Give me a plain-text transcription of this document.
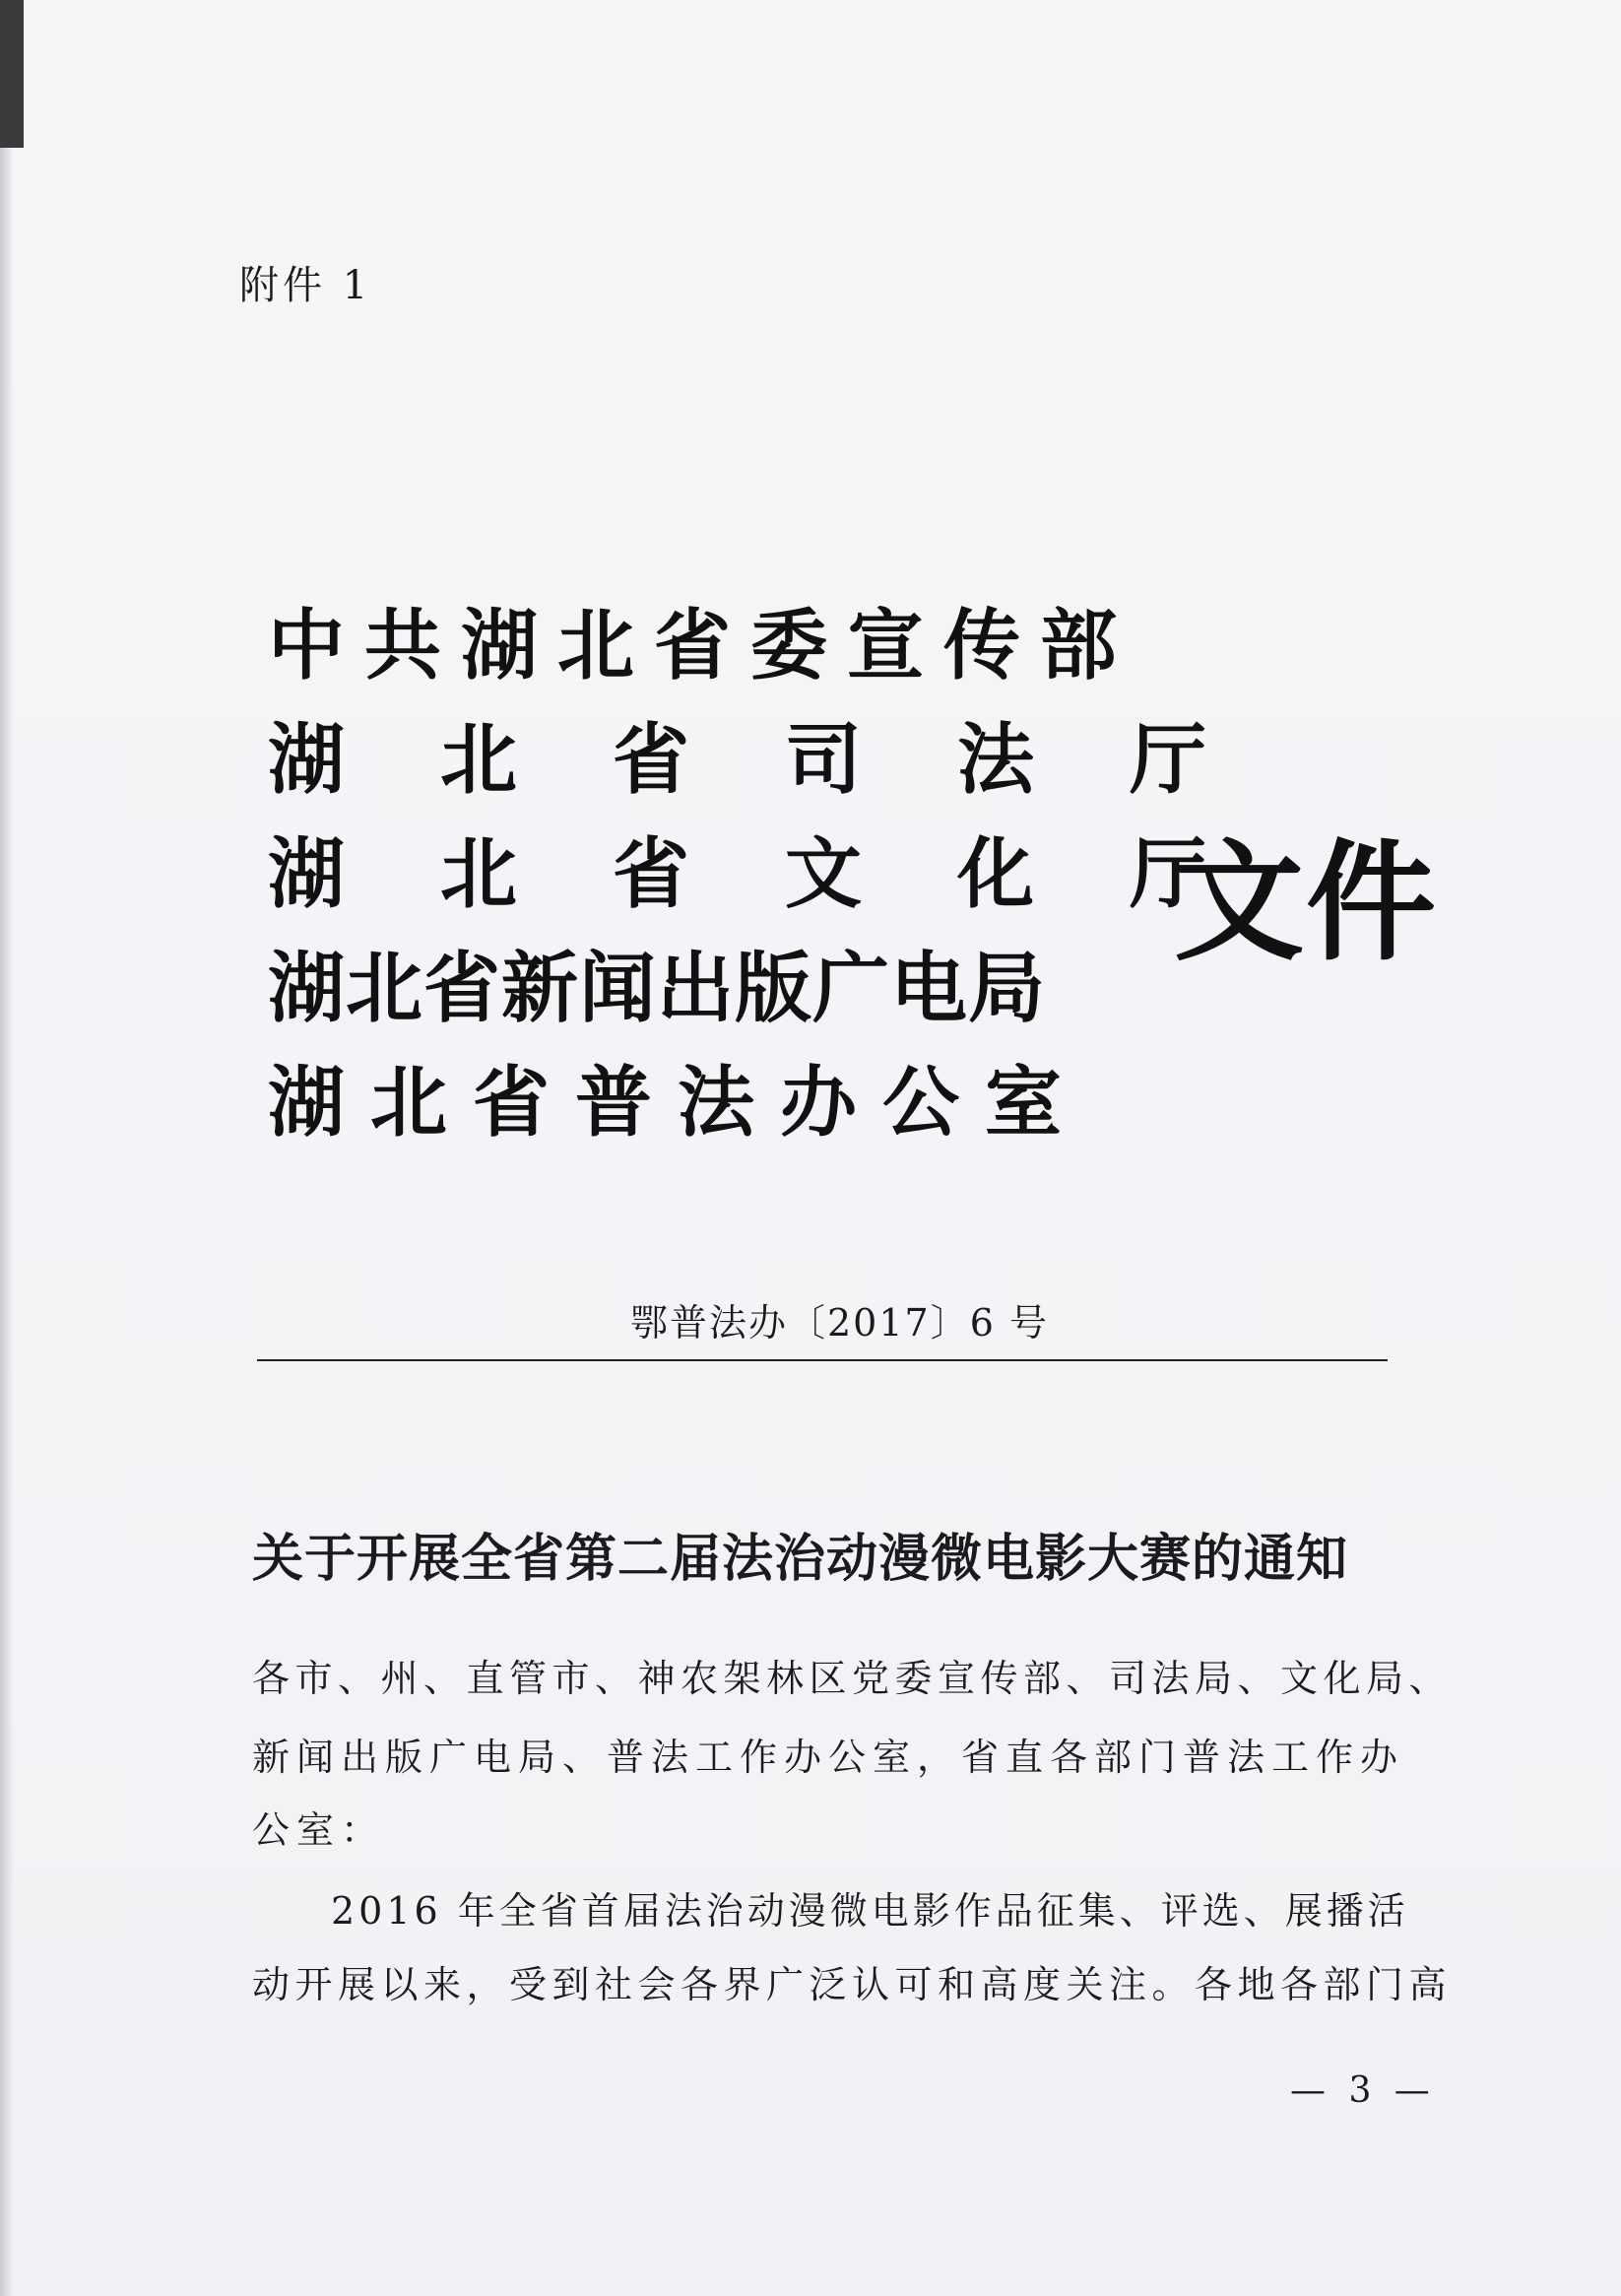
附件 1
中共湖北省委宣传部
湖北省司法厅
湖北省文化厅
湖北省新闻出版广电局
湖北省普法办公室
文件
鄂普法办〔2017〕6 号
关于开展全省第二届法治动漫微电影大赛的通知
各市、州、直管市、神农架林区党委宣传部、司法局、文化局、
新闻出版广电局、普法工作办公室，省直各部门普法工作办
公室：
2016 年全省首届法治动漫微电影作品征集、评选、展播活
动开展以来，受到社会各界广泛认可和高度关注。各地各部门高
— 3 —
